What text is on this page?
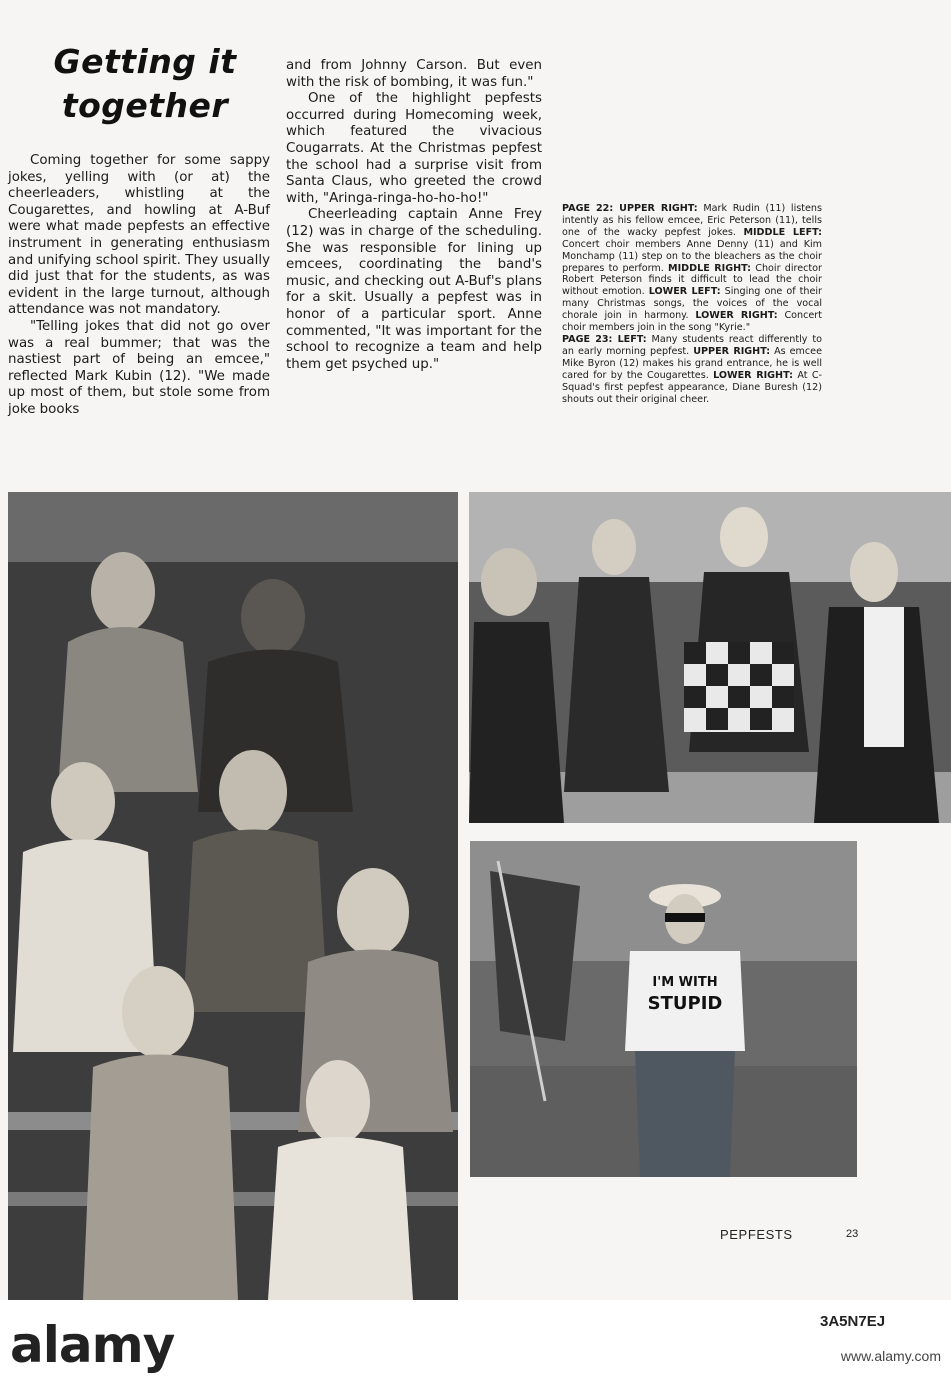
Getting it
together

Coming together for some sappy jokes, yelling with (or at) the cheerleaders, whistling at the Cougarettes, and howling at A-Buf were what made pepfests an effective instrument in generating enthusiasm and unifying school spirit. They usually did just that for the students, as was evident in the large turnout, although attendance was not mandatory.

"Telling jokes that did not go over was a real bummer; that was the nastiest part of being an emcee," reflected Mark Kubin (12). "We made up most of them, but stole some from joke books

and from Johnny Carson. But even with the risk of bombing, it was fun."

One of the highlight pepfests occurred during Homecoming week, which featured the vivacious Cougarrats. At the Christmas pepfest the school had a surprise visit from Santa Claus, who greeted the crowd with, "Aringa-ringa-ho-ho-ho!"

Cheerleading captain Anne Frey (12) was in charge of the scheduling. She was responsible for lining up emcees, coordinating the band's music, and checking out A-Buf's plans for a skit. Usually a pepfest was in honor of a particular sport. Anne commented, "It was important for the school to recognize a team and help them get psyched up."

PAGE 22: UPPER RIGHT: Mark Rudin (11) listens intently as his fellow emcee, Eric Peterson (11), tells one of the wacky pepfest jokes. MIDDLE LEFT: Concert choir members Anne Denny (11) and Kim Monchamp (11) step on to the bleachers as the choir prepares to perform. MIDDLE RIGHT: Choir director Robert Peterson finds it difficult to lead the choir without emotion. LOWER LEFT: Singing one of their many Christmas songs, the voices of the vocal chorale join in harmony. LOWER RIGHT: Concert choir members join in the song "Kyrie."

PAGE 23: LEFT: Many students react differently to an early morning pepfest. UPPER RIGHT: As emcee Mike Byron (12) makes his grand entrance, he is well cared for by the Cougarettes. LOWER RIGHT: At C-Squad's first pepfest appearance, Diane Buresh (12) shouts out their original cheer.

I'M WITH
STUPID
PEPFESTS	23
alamy	3A5N7EJ
www.alamy.com
